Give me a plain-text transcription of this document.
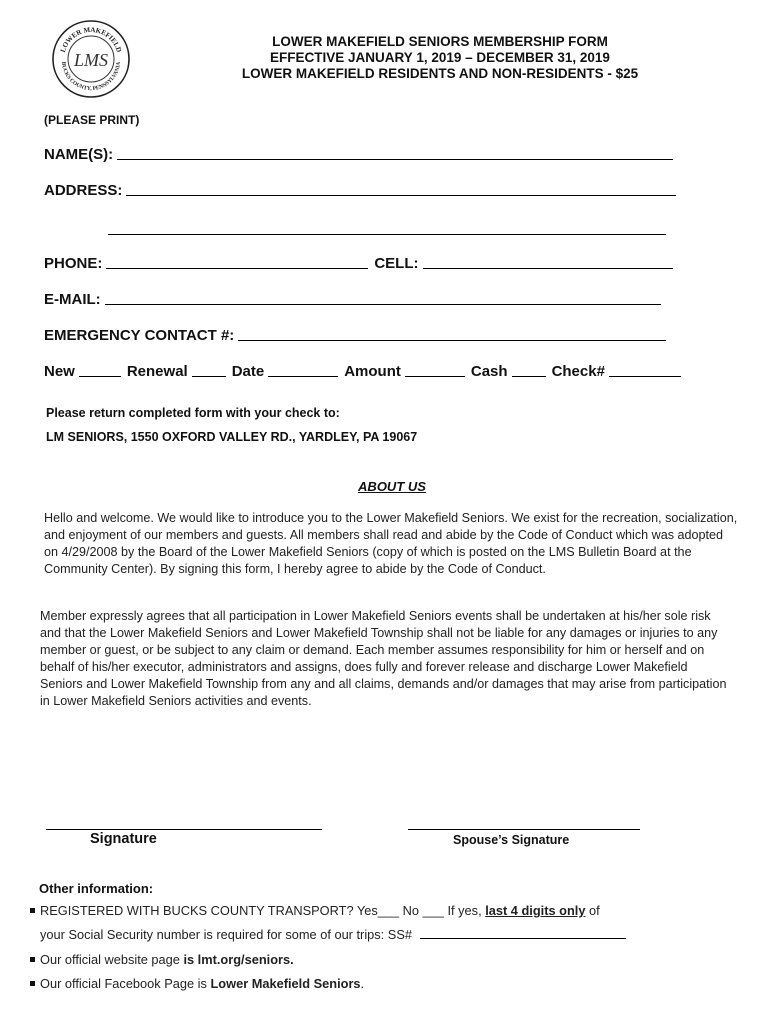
LOWER MAKEFIELD
BUCKS COUNTY, PENNSYLVANIA
LMS
LOWER MAKEFIELD SENIORS MEMBERSHIP FORM
EFFECTIVE JANUARY 1, 2019 – DECEMBER 31, 2019
LOWER MAKEFIELD RESIDENTS AND NON-RESIDENTS - $25
(PLEASE PRINT)
NAME(S):
ADDRESS:
PHONE:	CELL:
E-MAIL:
EMERGENCY CONTACT #:
New	Renewal	Date	Amount	Cash	Check#
Please return completed form with your check to:
LM SENIORS, 1550 OXFORD VALLEY RD., YARDLEY, PA 19067
ABOUT US
Hello and welcome. We would like to introduce you to the Lower Makefield Seniors. We exist for the recreation, socialization, and enjoyment of our members and guests. All members shall read and abide by the Code of Conduct which was adopted on 4/29/2008 by the Board of the Lower Makefield Seniors (copy of which is posted on the LMS Bulletin Board at the Community Center). By signing this form, I hereby agree to abide by the Code of Conduct.
Member expressly agrees that all participation in Lower Makefield Seniors events shall be undertaken at his/her sole risk and that the Lower Makefield Seniors and Lower Makefield Township shall not be liable for any damages or injuries to any member or guest, or be subject to any claim or demand. Each member assumes responsibility for him or herself and on behalf of his/her executor, administrators and assigns, does fully and forever release and discharge Lower Makefield Seniors and Lower Makefield Township from any and all claims, demands and/or damages that may arise from participation in Lower Makefield Seniors activities and events.
Signature	Spouse’s Signature
Other information:
REGISTERED WITH BUCKS COUNTY TRANSPORT? Yes___ No ___ If yes, last 4 digits only of
your Social Security number is required for some of our trips: SS#
Our official website page is lmt.org/seniors.
Our official Facebook Page is Lower Makefield Seniors.
